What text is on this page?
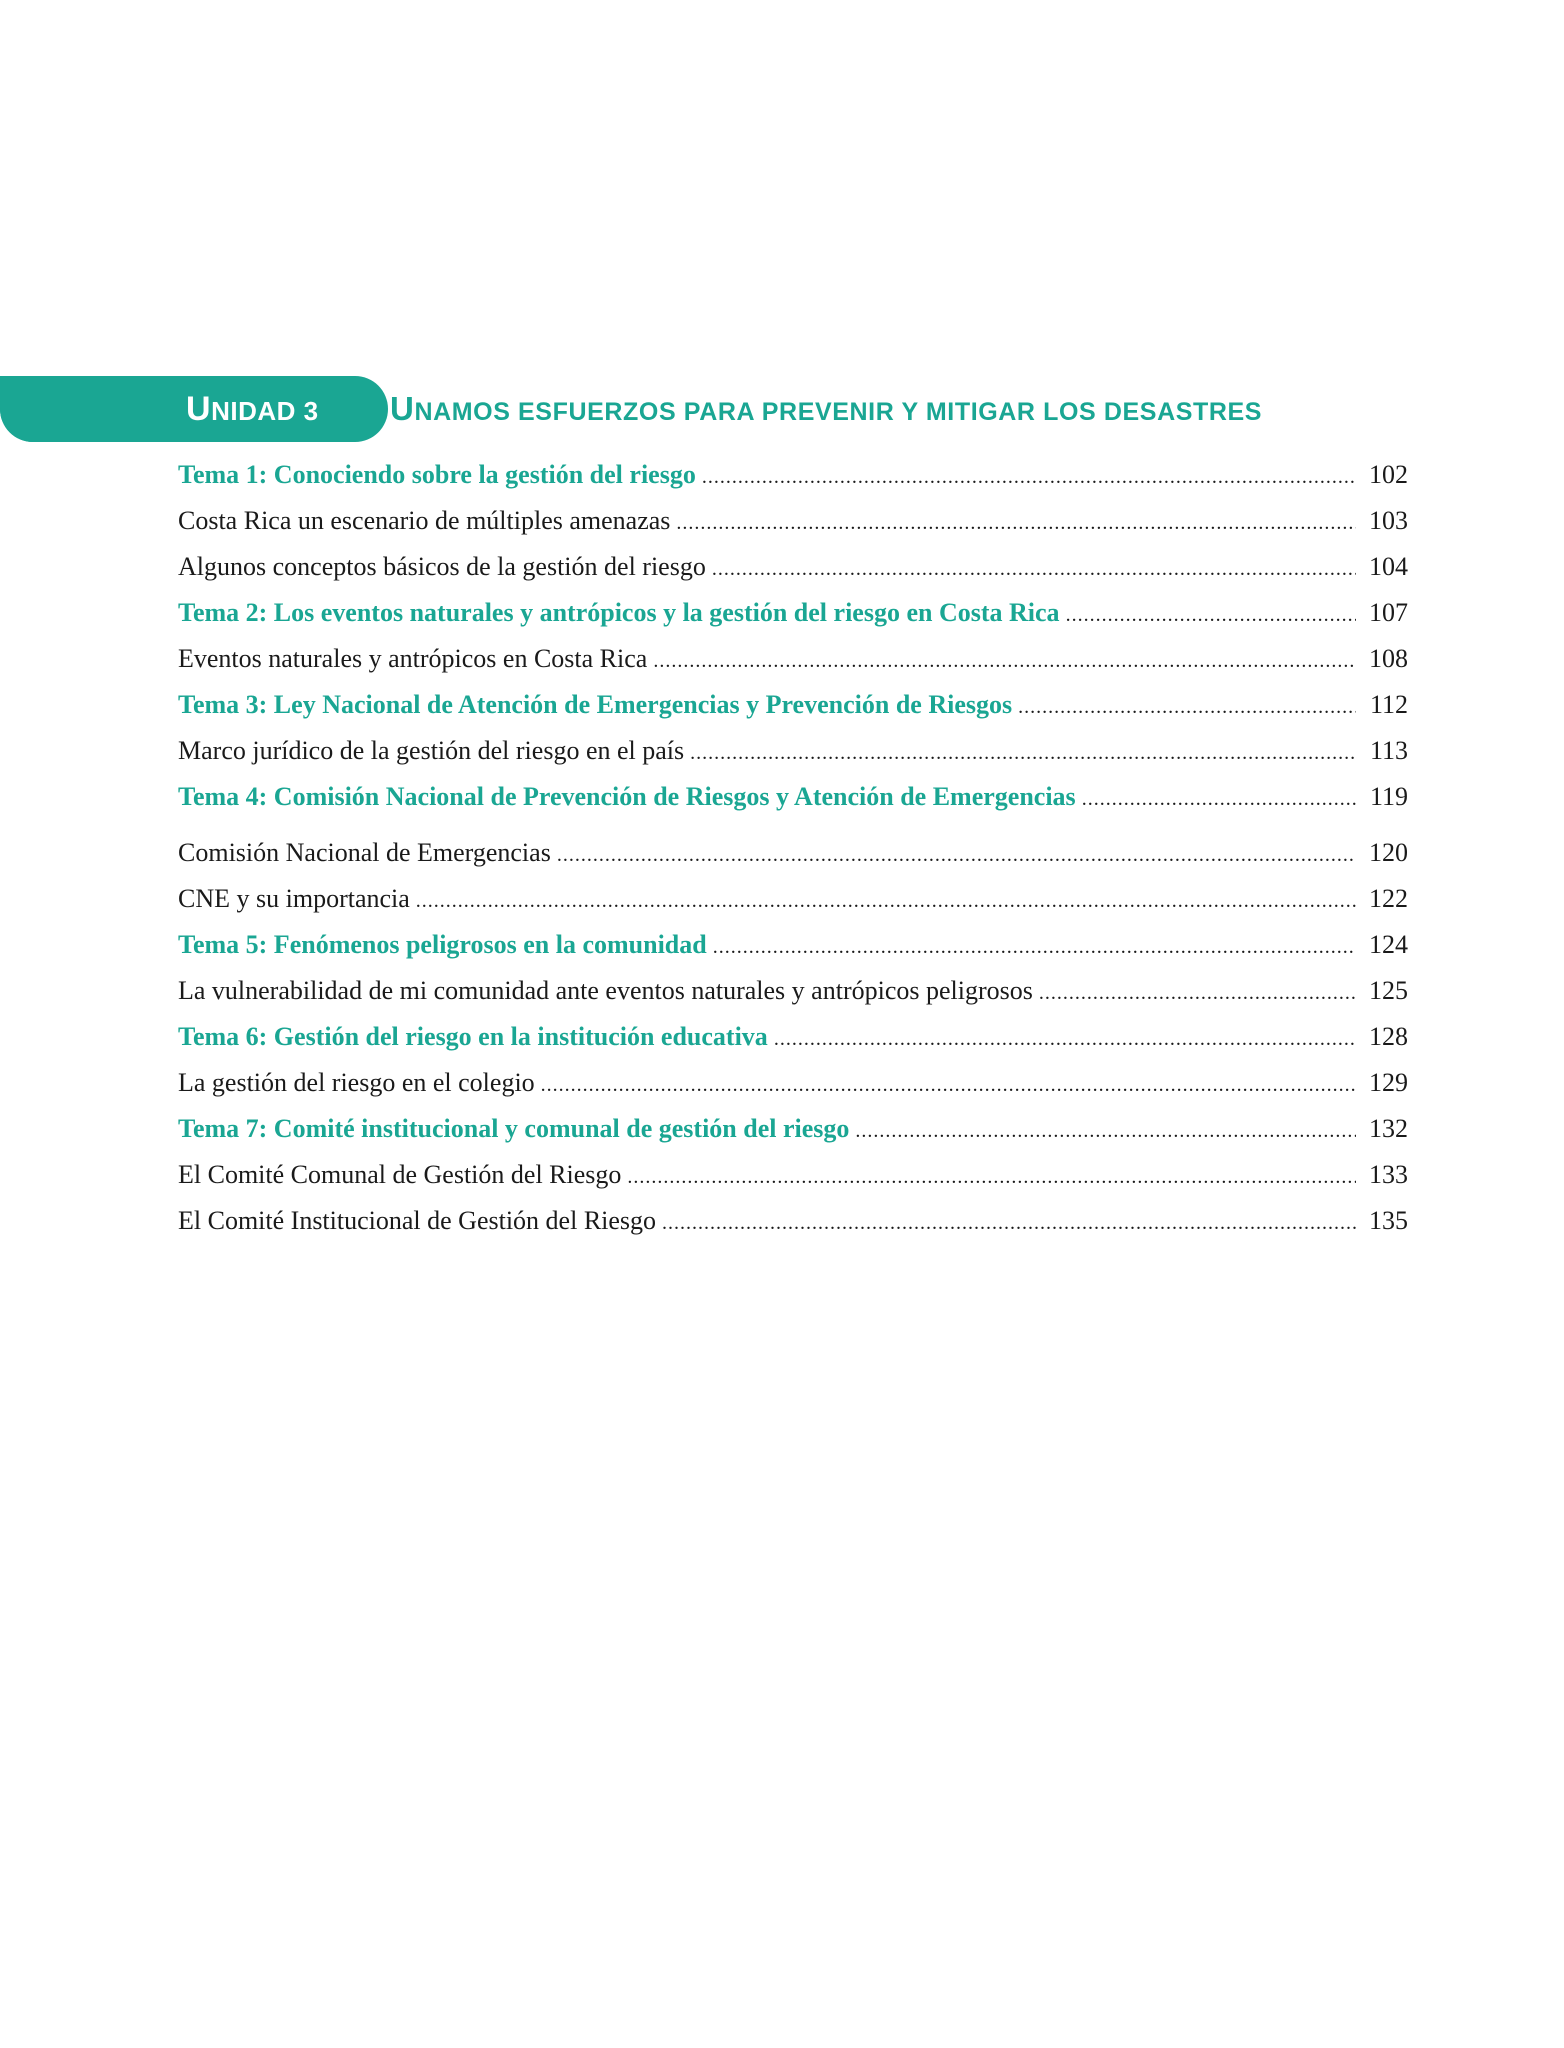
UNIDAD 3 UNAMOS ESFUERZOS PARA PREVENIR Y MITIGAR LOS DESASTRES
Tema 1: Conociendo sobre la gestión del riesgo .....	102
Costa Rica un escenario de múltiples amenazas .....	103
Algunos conceptos básicos de la gestión del riesgo .....	104
Tema 2: Los eventos naturales y antrópicos y la gestión del riesgo en Costa Rica .....	107
Eventos naturales y antrópicos en Costa Rica .....	108
Tema 3: Ley Nacional de Atención de Emergencias y Prevención de Riesgos .....	112
Marco jurídico de la gestión del riesgo en el país .....	113
Tema 4: Comisión Nacional de Prevención de Riesgos y Atención de Emergencias .....	119
Comisión Nacional de Emergencias .....	120
CNE y su importancia .....	122
Tema 5: Fenómenos peligrosos en la comunidad .....	124
La vulnerabilidad de mi comunidad ante eventos naturales y antrópicos peligrosos .....	125
Tema 6: Gestión del riesgo en la institución educativa .....	128
La gestión del riesgo en el colegio .....	129
Tema 7: Comité institucional y comunal de gestión del riesgo .....	132
El Comité Comunal de Gestión del Riesgo .....	133
El Comité Institucional de Gestión del Riesgo .....	135
